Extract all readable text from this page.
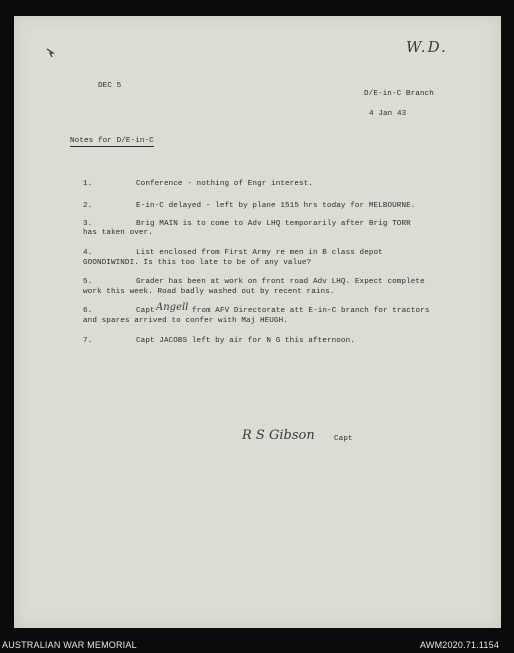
W.D.
DEC 5
D/E-in-C Branch
4 Jan 43
Notes for D/E-in-C
1.	Conference - nothing of Engr interest.
2.	E-in-C delayed - left by plane 1515 hrs today for MELBOURNE.
3.	Brig MAIN is to come to Adv LHQ temporarily after Brig TORR
has taken over.
4.	List enclosed from First Army re men in B class depot
GOONDIWINDI. Is this too late to be of any value?
5.	Grader has been at work on front road Adv LHQ. Expect complete
work this week. Road badly washed out by recent rains.
6.	Capt Angell from AFV Directorate att E-in-C branch for tractors
and spares arrived to confer with Maj HEUGH.
7.	Capt JACOBS left by air for N G this afternoon.
R S Gibson	Capt
AUSTRALIAN WAR MEMORIAL	AWM2020.71.1154
